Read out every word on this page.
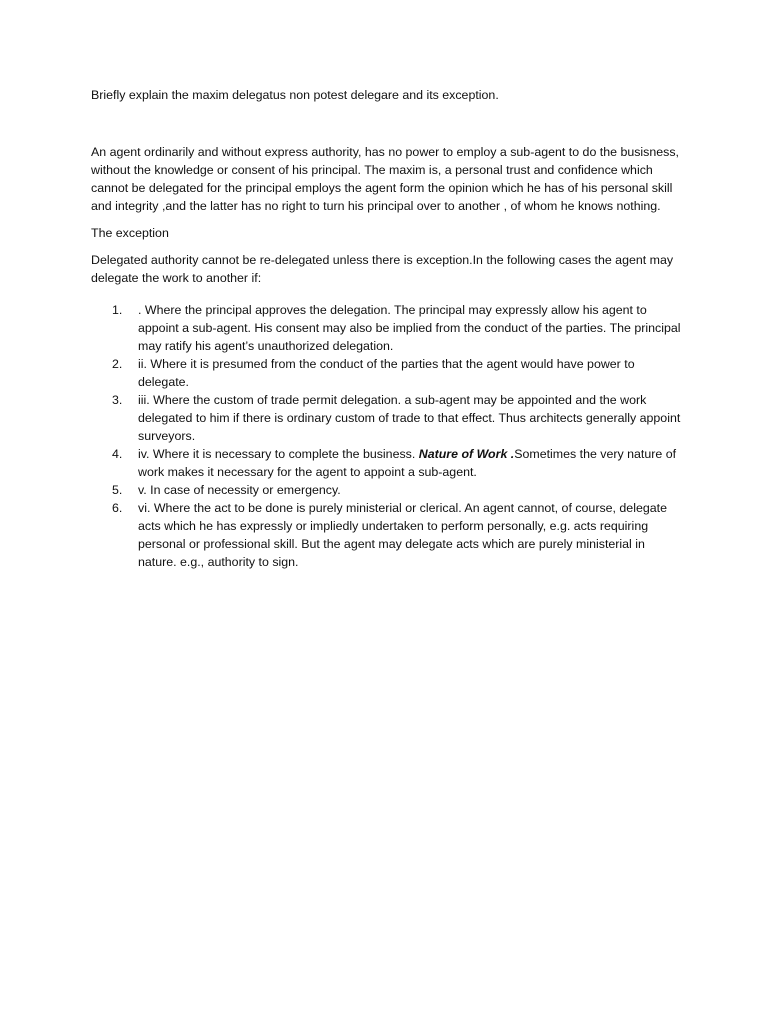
Briefly explain the maxim delegatus non potest delegare and its exception.

An agent ordinarily and without express authority, has no power to employ a sub-agent to do the busisness, without the knowledge or consent of his principal. The maxim is, a personal trust and confidence which cannot be delegated for the principal employs the agent form the opinion which he has of his personal skill and integrity ,and the latter has no right to turn his principal over to another , of whom he knows nothing.

The exception

Delegated authority cannot be re-delegated unless there is exception.In the following cases the agent may delegate the work to another if:

1. . Where the principal approves the delegation. The principal may expressly allow his agent to appoint a sub-agent. His consent may also be implied from the conduct of the parties. The principal may ratify his agent’s unauthorized delegation.
2. ii. Where it is presumed from the conduct of the parties that the agent would have power to delegate.
3. iii. Where the custom of trade permit delegation. a sub-agent may be appointed and the work delegated to him if there is ordinary custom of trade to that effect. Thus architects generally appoint surveyors.
4. iv. Where it is necessary to complete the business. Nature of Work .Sometimes the very nature of work makes it necessary for the agent to appoint a sub-agent.
5. v. In case of necessity or emergency.
6. vi. Where the act to be done is purely ministerial or clerical. An agent cannot, of course, delegate acts which he has expressly or impliedly undertaken to perform personally, e.g. acts requiring personal or professional skill. But the agent may delegate acts which are purely ministerial in nature. e.g., authority to sign.
